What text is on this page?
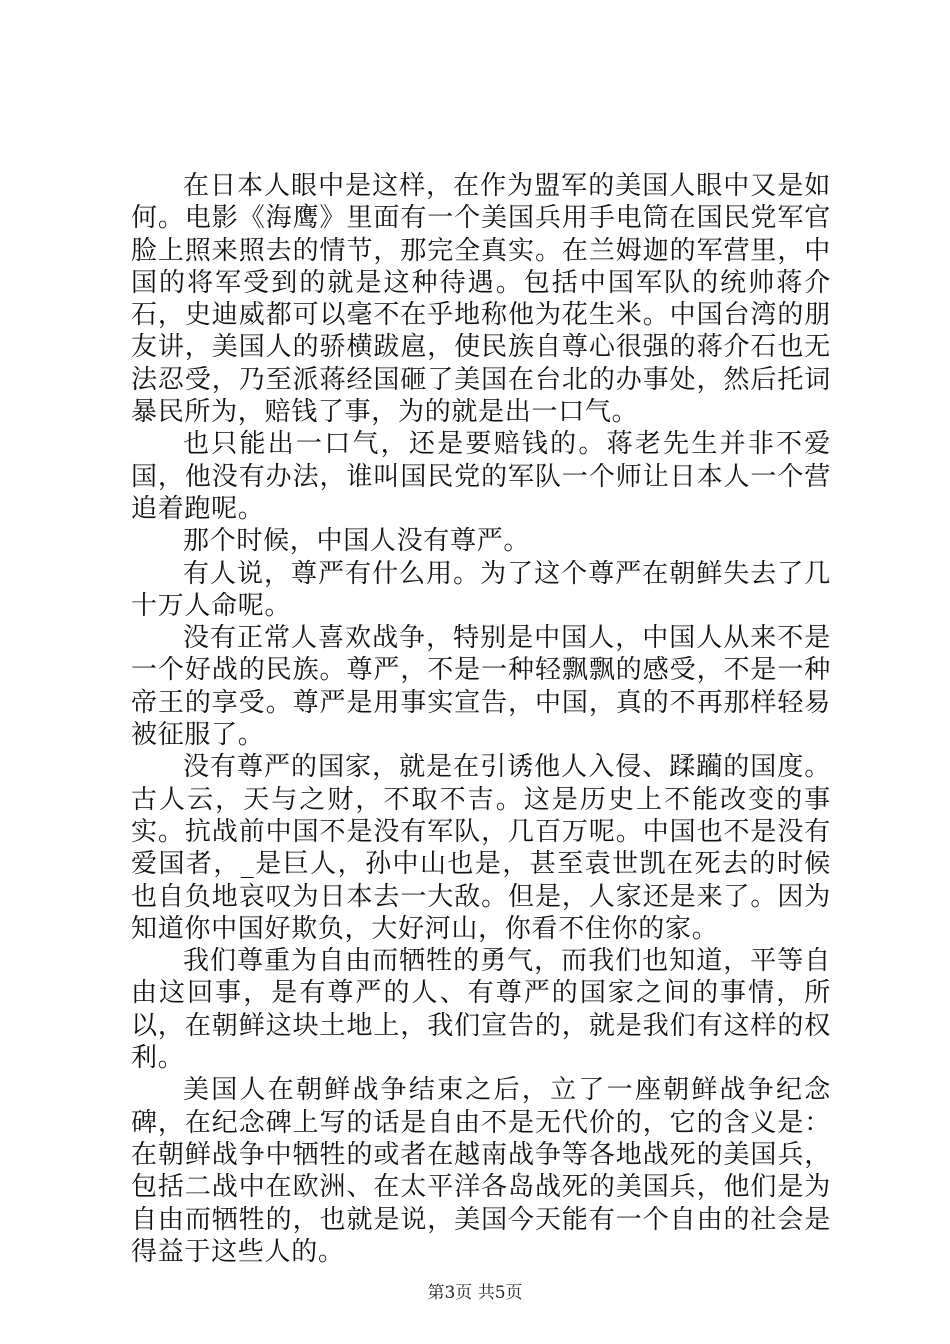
在日本人眼中是这样，在作为盟军的美国人眼中又是如何。电影《海鹰》里面有一个美国兵用手电筒在国民党军官脸上照来照去的情节，那完全真实。在兰姆迦的军营里，中国的将军受到的就是这种待遇。包括中国军队的统帅蒋介石，史迪威都可以毫不在乎地称他为花生米。中国台湾的朋友讲，美国人的骄横跋扈，使民族自尊心很强的蒋介石也无法忍受，乃至派蒋经国砸了美国在台北的办事处，然后托词暴民所为，赔钱了事，为的就是出一口气。

也只能出一口气，还是要赔钱的。蒋老先生并非不爱国，他没有办法，谁叫国民党的军队一个师让日本人一个营追着跑呢。

那个时候，中国人没有尊严。

有人说，尊严有什么用。为了这个尊严在朝鲜失去了几十万人命呢。

没有正常人喜欢战争，特别是中国人，中国人从来不是一个好战的民族。尊严，不是一种轻飘飘的感受，不是一种帝王的享受。尊严是用事实宣告，中国，真的不再那样轻易被征服了。

没有尊严的国家，就是在引诱他人入侵、蹂躏的国度。古人云，天与之财，不取不吉。这是历史上不能改变的事实。抗战前中国不是没有军队，几百万呢。中国也不是没有爱国者，_是巨人，孙中山也是，甚至袁世凯在死去的时候也自负地哀叹为日本去一大敌。但是，人家还是来了。因为知道你中国好欺负，大好河山，你看不住你的家。

我们尊重为自由而牺牲的勇气，而我们也知道，平等自由这回事，是有尊严的人、有尊严的国家之间的事情，所以，在朝鲜这块土地上，我们宣告的，就是我们有这样的权利。

美国人在朝鲜战争结束之后，立了一座朝鲜战争纪念碑，在纪念碑上写的话是自由不是无代价的，它的含义是：在朝鲜战争中牺牲的或者在越南战争等各地战死的美国兵，包括二战中在欧洲、在太平洋各岛战死的美国兵，他们是为自由而牺牲的，也就是说，美国今天能有一个自由的社会是得益于这些人的。

第3页 共5页
